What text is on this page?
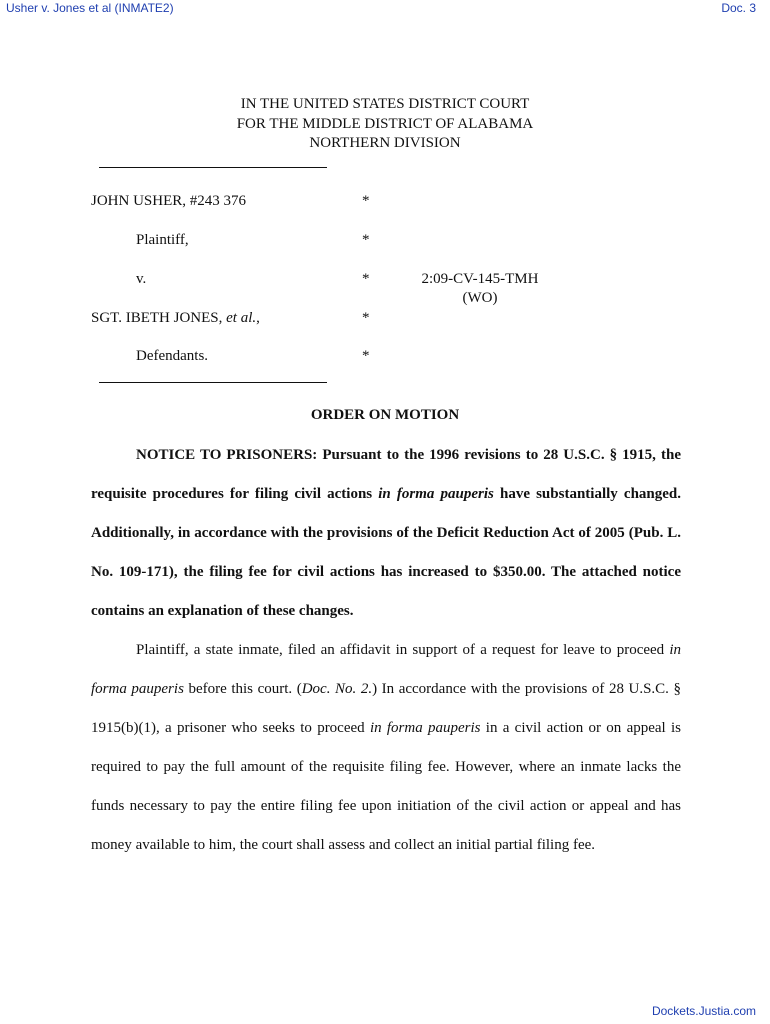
Usher v. Jones et al (INMATE2)	Doc. 3
IN THE UNITED STATES DISTRICT COURT
FOR THE MIDDLE DISTRICT OF ALABAMA
NORTHERN DIVISION
JOHN USHER, #243 376	*
Plaintiff,	*
v.	*	2:09-CV-145-TMH
(WO)
SGT. IBETH JONES, et al.,	*
Defendants.	*
ORDER ON MOTION

NOTICE TO PRISONERS: Pursuant to the 1996 revisions to 28 U.S.C. § 1915, the requisite procedures for filing civil actions in forma pauperis have substantially changed. Additionally, in accordance with the provisions of the Deficit Reduction Act of 2005 (Pub. L. No. 109-171), the filing fee for civil actions has increased to $350.00. The attached notice contains an explanation of these changes.

Plaintiff, a state inmate, filed an affidavit in support of a request for leave to proceed in forma pauperis before this court. (Doc. No. 2.) In accordance with the provisions of 28 U.S.C. § 1915(b)(1), a prisoner who seeks to proceed in forma pauperis in a civil action or on appeal is required to pay the full amount of the requisite filing fee. However, where an inmate lacks the funds necessary to pay the entire filing fee upon initiation of the civil action or appeal and has money available to him, the court shall assess and collect an initial partial filing fee.

Dockets.Justia.com
